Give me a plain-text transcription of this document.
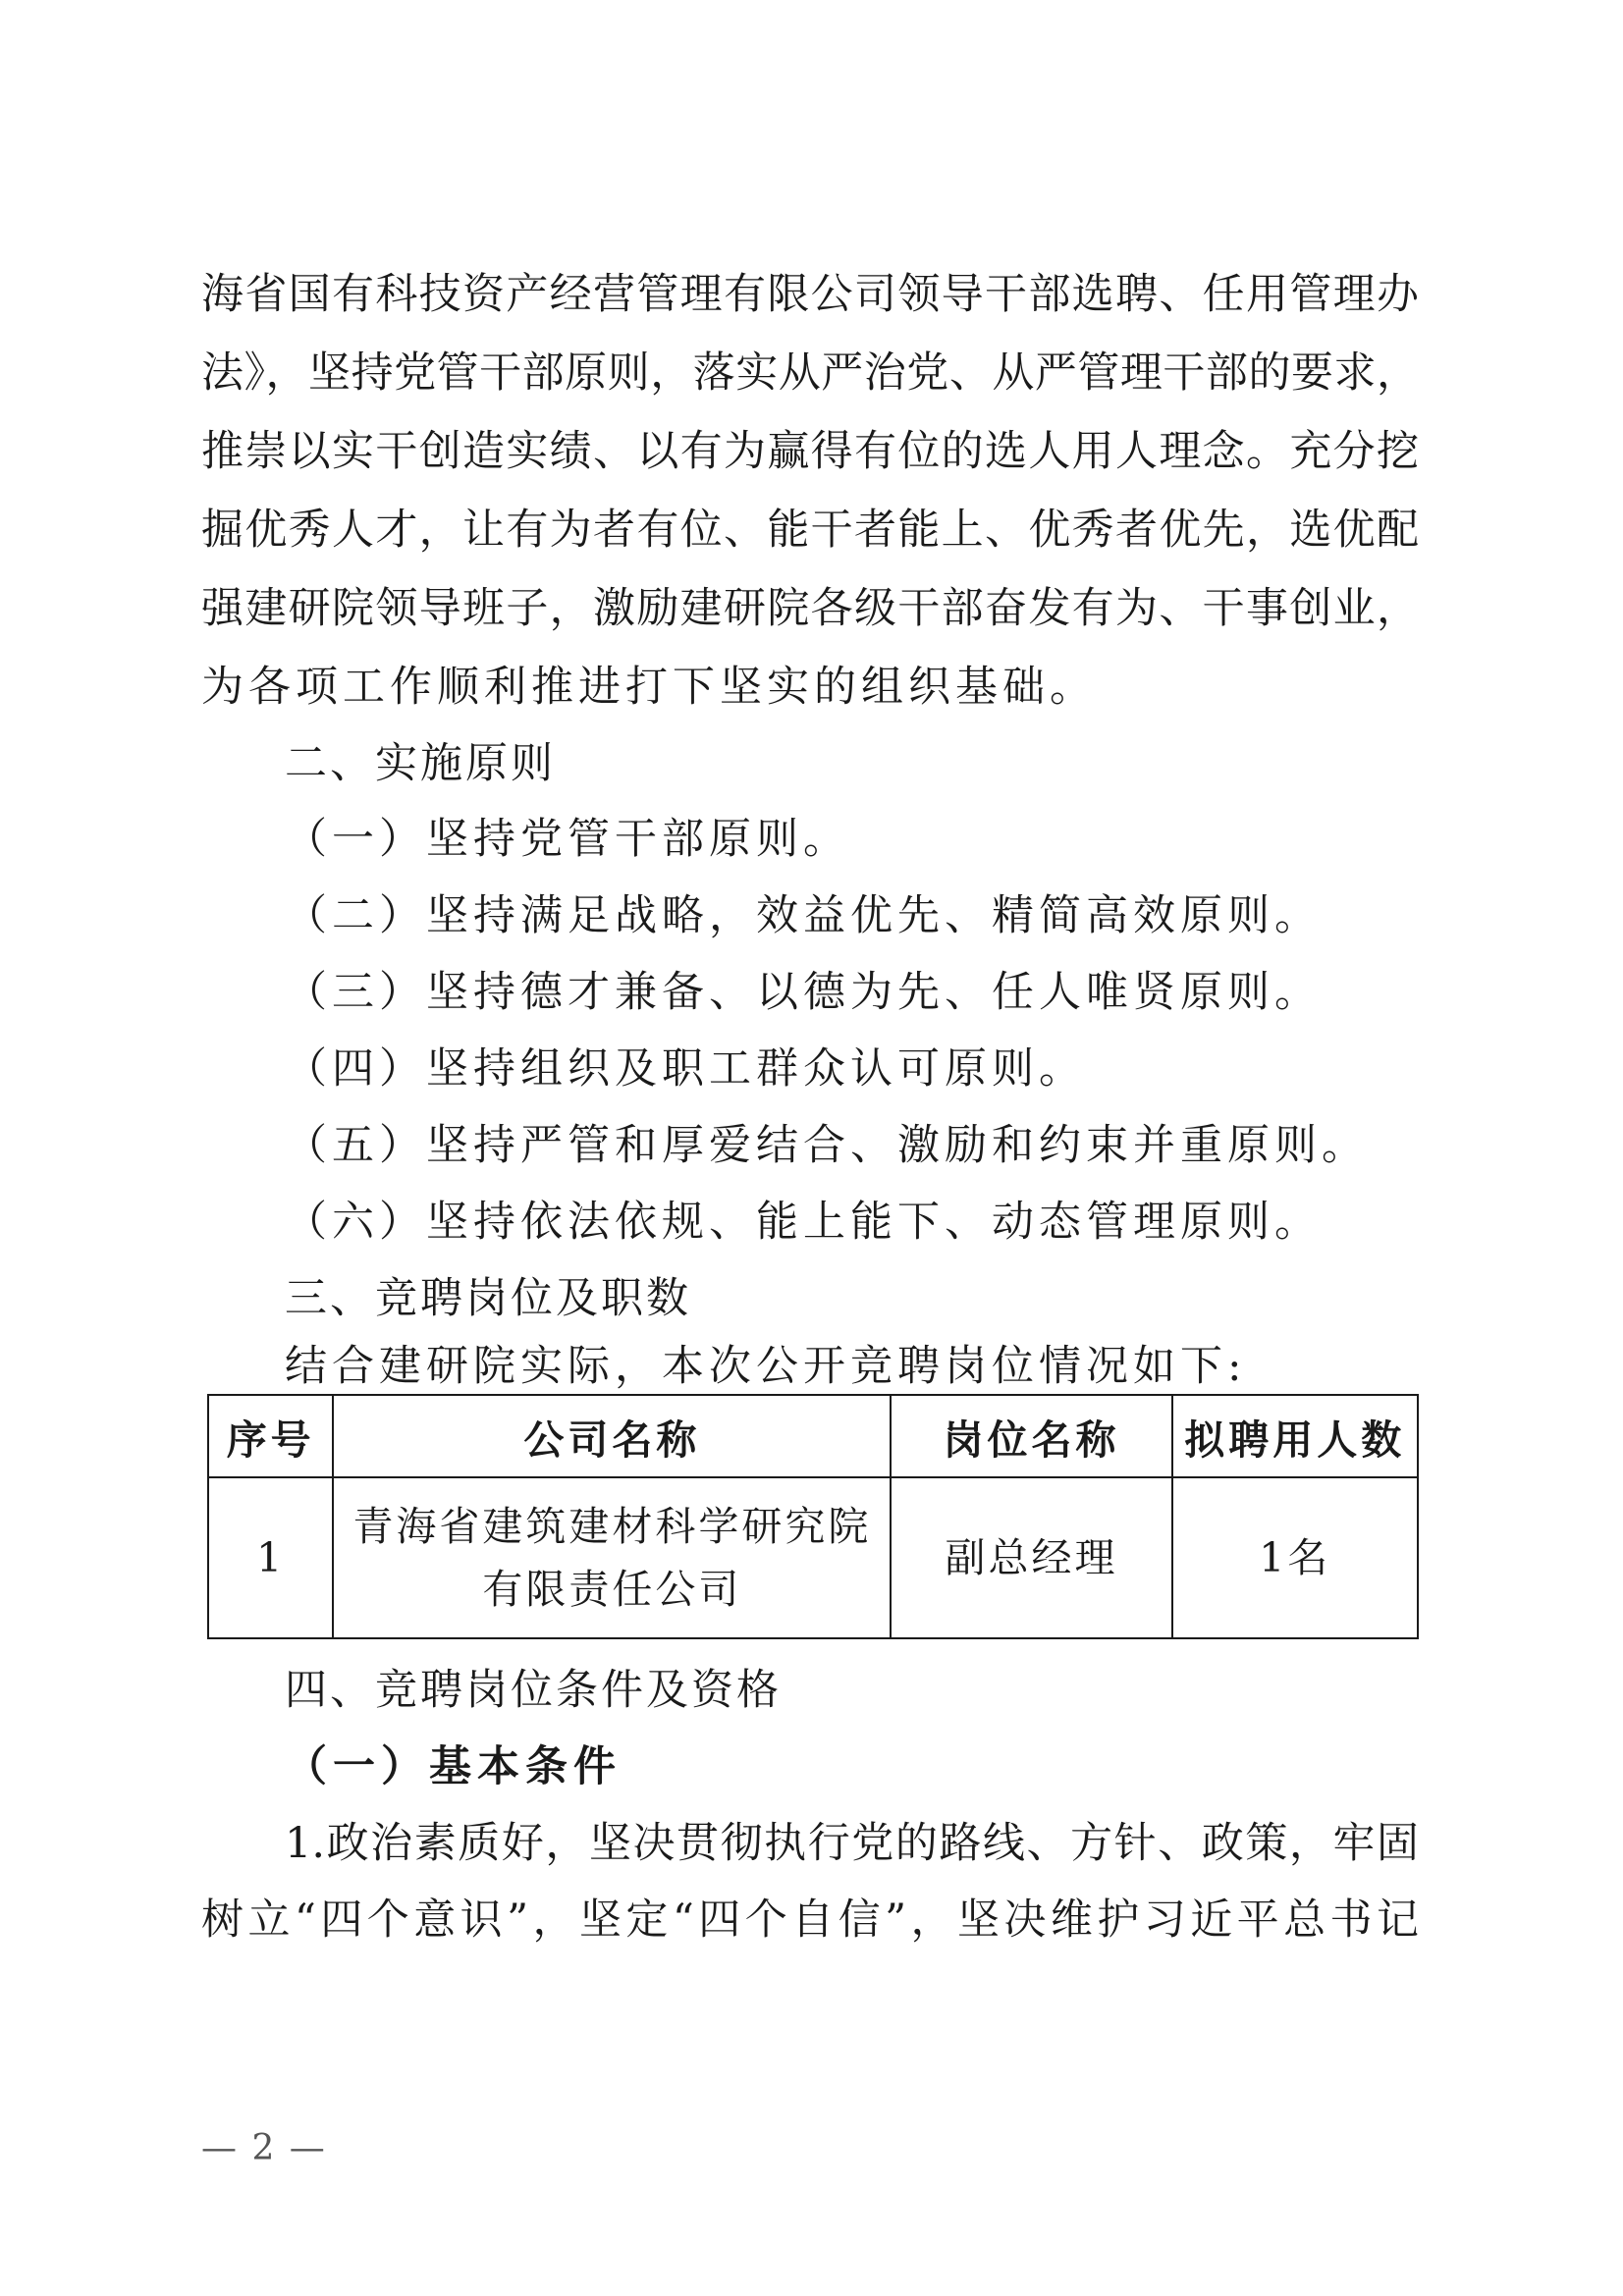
海省国有科技资产经营管理有限公司领导干部选聘、任用管理办
法》，坚持党管干部原则，落实从严治党、从严管理干部的要求，
推崇以实干创造实绩、以有为赢得有位的选人用人理念。充分挖
掘优秀人才，让有为者有位、能干者能上、优秀者优先，选优配
强建研院领导班子，激励建研院各级干部奋发有为、干事创业，
为各项工作顺利推进打下坚实的组织基础。
二、实施原则
（一）坚持党管干部原则。
（二）坚持满足战略，效益优先、精简高效原则。
（三）坚持德才兼备、以德为先、任人唯贤原则。
（四）坚持组织及职工群众认可原则。
（五）坚持严管和厚爱结合、激励和约束并重原则。
（六）坚持依法依规、能上能下、动态管理原则。
三、竞聘岗位及职数
结合建研院实际，本次公开竞聘岗位情况如下:
序号	公司名称	岗位名称	拟聘用人数
1	青海省建筑建材科学研究院
有限责任公司	副总经理	1名
四、竞聘岗位条件及资格
（一）基本条件
1.政治素质好，坚决贯彻执行党的路线、方针、政策，牢固
树立“四个意识”，坚定“四个自信”，坚决维护习近平总书记
— 2 —
